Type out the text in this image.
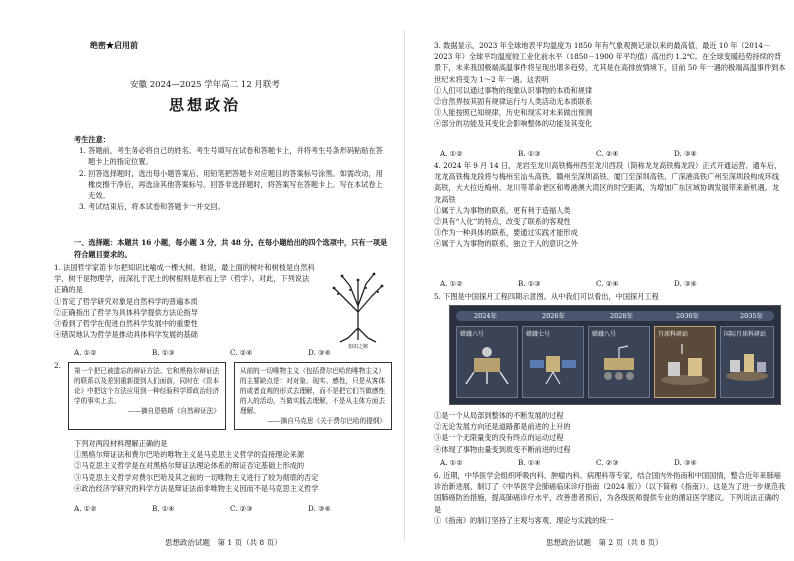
绝密★启用前
安徽 2024—2025 学年高二 12 月联考
思想政治
考生注意：

1. 答题前，考生务必将自己的姓名、考生号填写在试卷和答题卡上，并将考生号条形码粘贴在答题卡上的指定位置。

2. 回答选择题时，选出每小题答案后，用铅笔把答题卡对应题目的答案标号涂黑。如需改动，用橡皮擦干净后，再选涂其他答案标号。回答非选择题时，将答案写在答题卡上。写在本试卷上无效。

3. 考试结束后，将本试卷和答题卡一并交回。

一、选择题：本题共 16 小题，每小题 3 分，共 48 分。在每小题给出的四个选项中，只有一项是符合题目要求的。

1. 法国哲学家笛卡尔把知识比喻成一棵大树。他说，最上面的树叶和树枝是自然科学，树干是物理学，而深扎于泥土的树根则是形而上学（哲学）。对此，下列说法正确的是

①肯定了哲学研究对象是自然科学的普遍本质

②正确指出了哲学为具体科学提供方法论指导

③看到了哲学在促进自然科学发展中的重要性

④错误地认为哲学是推动具体科学发展的基础

A. ①②	B. ①③	C. ②④	D. ③④
知识之树
2.
第一个把已被遗忘的辩证方法、它和黑格尔辩证法的联系以及差别重新提到人们面前，同时在《资本论》中把这个方法应用到一种经验科学即政治经济学的事实上去。
——摘自恩格斯《自然辩证法》
从前的一切唯物主义（包括费尔巴哈的唯物主义）的主要缺点是：对对象、现实、感性，只是从客体的或者直观的形式去理解，而不是把它们当做感性的人的活动，当做实践去理解，不是从主体方面去理解。
——摘自马克思《关于费尔巴哈的提纲》

下列对两段材料理解正确的是

①黑格尔辩证法和费尔巴哈的唯物主义是马克思主义哲学的直接理论来源

②马克思主义哲学是在对黑格尔辩证法理论体系的辩证否定基础上形成的

③马克思主义哲学对费尔巴哈及其之前的一切唯物主义进行了较为彻底的否定

④政治经济学研究的科学方法是辩证法而非唯物主义因而不是马克思主义哲学

A. ①②	B. ①④	C. ②③	D. ③④
思想政治试题　第 1 页（共 8 页）

3. 数据显示，2023 年全球地表平均温度为 1850 年有气象观测记录以来的最高值，最近 10 年（2014－2023 年）全球平均温度较工业化前水平（1850－1900 年平均值）高出约 1.2℃。在全球变暖趋势持续的背景下，未来我国极端高温事件将呈现出增多趋势，尤其是在高排放情境下，目前 50 年一遇的极端高温事件到本世纪末将变为 1～2 年一遇。这表明

①人们可以通过事物的现象认识事物的本质和规律

②自然界按其固有规律运行与人类活动无本质联系

③人能按照已知规律，历史和现实对未来做出预测

④部分的功能及其变化会影响整体的功能及其变化

A. ①②	B. ①③	C. ②④	D. ③④

4. 2024 年 9 月 14 日，龙岩至龙川高铁梅州西至龙川西段（简称龙龙高铁梅龙段）正式开通运营。通车后，龙龙高铁梅龙段将与梅州至汕头高铁、赣州至深圳高铁、厦门至深圳高铁、广深港高铁广州至深圳段构成环线高铁，大大拉近梅州、龙川等革命老区和粤港澳大湾区的时空距离，为增加广东区域协调发展带来新机遇。龙龙高铁

①属于人为事物的联系，更有利于造福人类

②具有“人化”的特点，改变了联系的客观性

③作为一种具体的联系，要通过实践才能形成

④属于人为事物的联系，独立于人的意识之外

A. ①②	B. ①③	C. ②④	D. ③④
5. 下图是中国探月工程四期示意图。从中我们可以看出，中国探月工程
2024年	2026年	2028年	2030年	2035年
嫦娥六号	嫦娥七号	嫦娥八号	月球科研站	国际月球科研站

①是一个从局部到整体的不断发展的过程

②无论发展方向还是道路都是前进的上升的

③是一个无限量变的没有终点的运动过程

④体现了事物由量变到质变不断前进的过程

A. ①②	B. ①④	C. ②③	D. ③④

6. 近期，中华医学会组织呼吸内科、肿瘤内科、病理科等专家，结合国内外指南和中国国情，整合近年来肺癌诊治新进展，制订了《中华医学会肺癌临床诊疗指南（2024 版）》（以下简称《指南》）。这是为了进一步规范我国肺癌防治措施，提高肺癌诊疗水平，改善患者预后，为各级医师提供专业的循证医学建议。下列说法正确的是

①《指南》的制订坚持了主观与客观、理论与实践的统一

思想政治试题　第 2 页（共 8 页）
